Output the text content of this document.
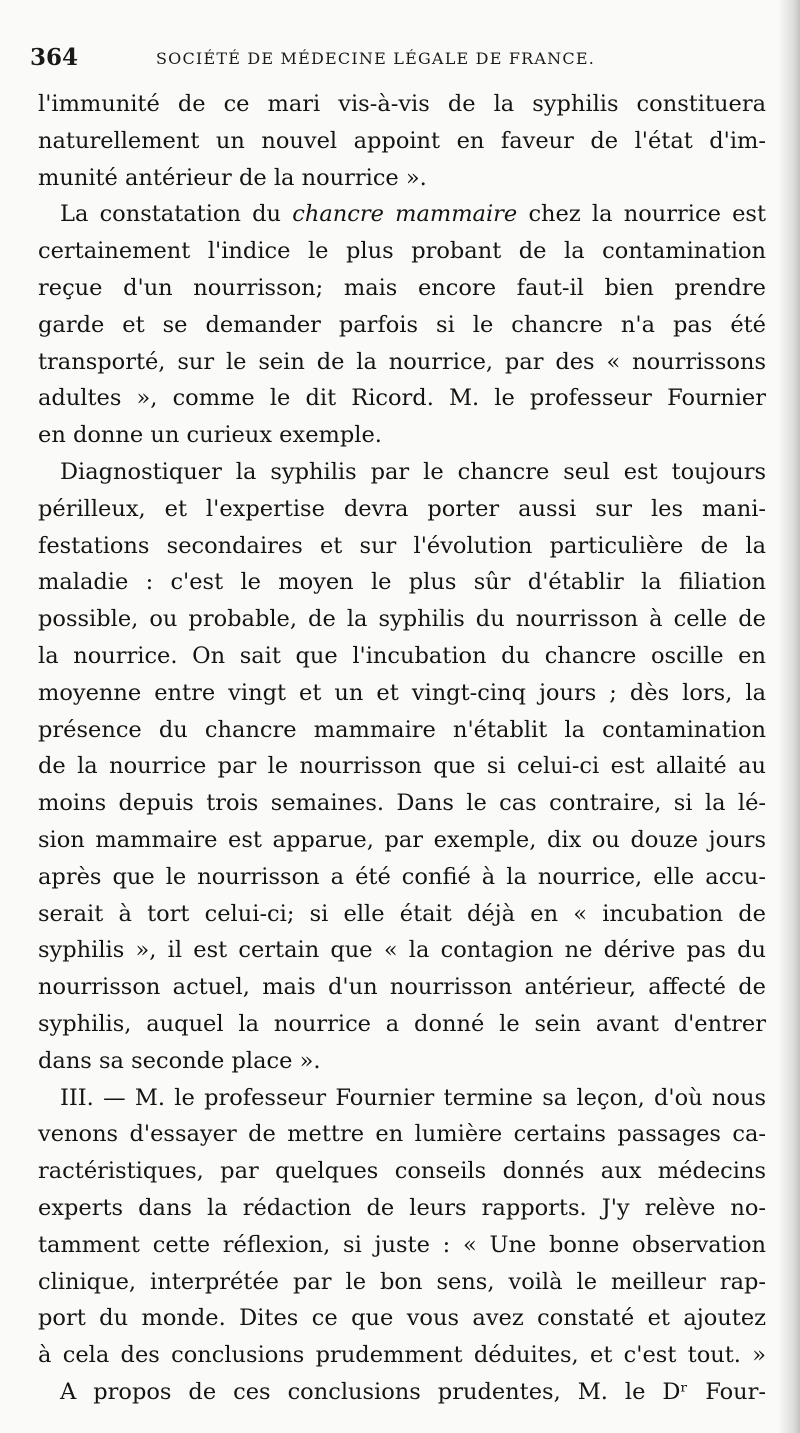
364	SOCIÉTÉ DE MÉDECINE LÉGALE DE FRANCE.
l'immunité de ce mari vis-à-vis de la syphilis constituera
naturellement un nouvel appoint en faveur de l'état d'im-
munité antérieur de la nourrice ».
La constatation du chancre mammaire chez la nourrice est
certainement l'indice le plus probant de la contamination
reçue d'un nourrisson; mais encore faut-il bien prendre
garde et se demander parfois si le chancre n'a pas été
transporté, sur le sein de la nourrice, par des « nourrissons
adultes », comme le dit Ricord. M. le professeur Fournier
en donne un curieux exemple.
Diagnostiquer la syphilis par le chancre seul est toujours
périlleux, et l'expertise devra porter aussi sur les mani-
festations secondaires et sur l'évolution particulière de la
maladie : c'est le moyen le plus sûr d'établir la filiation
possible, ou probable, de la syphilis du nourrisson à celle de
la nourrice. On sait que l'incubation du chancre oscille en
moyenne entre vingt et un et vingt-cinq jours ; dès lors, la
présence du chancre mammaire n'établit la contamination
de la nourrice par le nourrisson que si celui-ci est allaité au
moins depuis trois semaines. Dans le cas contraire, si la lé-
sion mammaire est apparue, par exemple, dix ou douze jours
après que le nourrisson a été confié à la nourrice, elle accu-
serait à tort celui-ci; si elle était déjà en « incubation de
syphilis », il est certain que « la contagion ne dérive pas du
nourrisson actuel, mais d'un nourrisson antérieur, affecté de
syphilis, auquel la nourrice a donné le sein avant d'entrer
dans sa seconde place ».
III. — M. le professeur Fournier termine sa leçon, d'où nous
venons d'essayer de mettre en lumière certains passages ca-
ractéristiques, par quelques conseils donnés aux médecins
experts dans la rédaction de leurs rapports. J'y relève no-
tamment cette réflexion, si juste : « Une bonne observation
clinique, interprétée par le bon sens, voilà le meilleur rap-
port du monde. Dites ce que vous avez constaté et ajoutez
à cela des conclusions prudemment déduites, et c'est tout. »
A propos de ces conclusions prudentes, M. le Dʳ Four-
